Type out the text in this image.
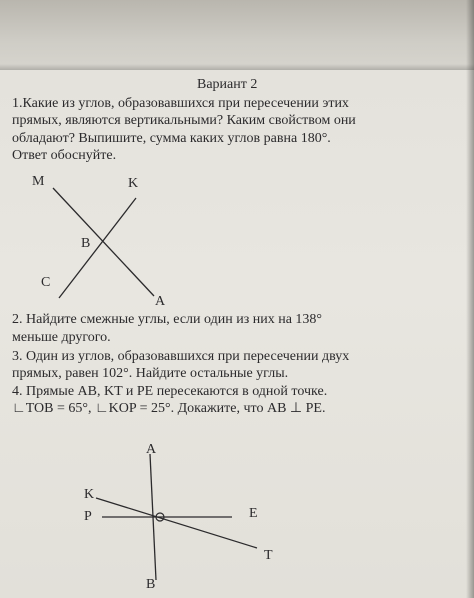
Вариант 2
1.Какие из углов, образовавшихся при пересечении этих
прямых, являются вертикальными? Каким свойством они
обладают? Выпишите, сумма каких углов равна 180°.
Ответ обоснуйте.
M	K
B
C
A
2. Найдите смежные углы, если один из них на 138°
меньше другого.
3. Один из углов, образовавшихся при пересечении двух
прямых, равен 102°. Найдите остальные углы.
4. Прямые AB, KT и PE пересекаются в одной точке.
∟TOB = 65°, ∟KOP = 25°. Докажите, что AB ⊥ PE.
A
K
P	E
T
B
